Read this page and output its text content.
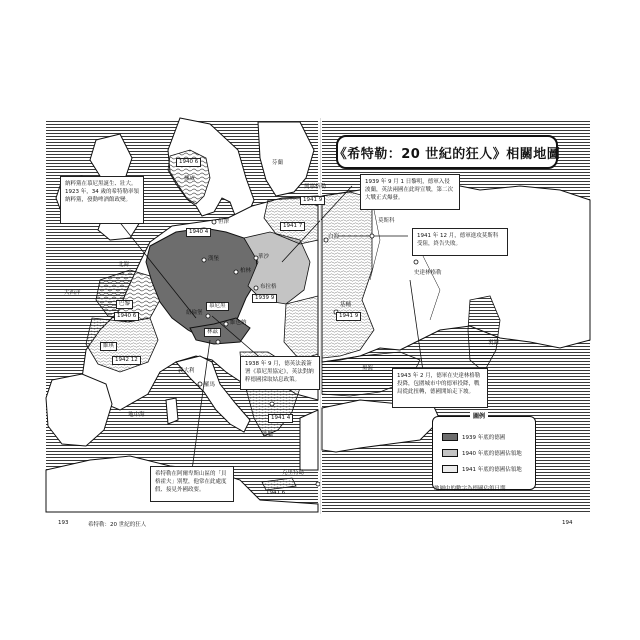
《希特勒：20 世紀的狂人》相關地圖
納粹黨在慕尼黑誕生、壯大。1923 年，34 歲的希特勒率領納粹黨，發動啤酒館政變。
1939 年 9 月 1 日黎明，德軍入侵波蘭，英法兩國在此時宣戰，第二次大戰正式爆發。
1941 年 12 月，德軍進攻莫斯科受阻，終告失敗。
1938 年 9 月，德英法義簽署《慕尼黑協定》，英法對納粹德國採取姑息政策。
1943 年 2 月，德軍在史達林格勒投降，包圍城市中的德軍投降，戰局從此扭轉，德國開始走下坡。
希特勒在阿爾卑斯山區的「貝格霍夫」別墅，他常在此處度假、接見外國政要。
挪威
芬蘭
北海
大西洋
但澤
漢堡
柏林
華沙
布拉格
巴黎
紐倫堡
慕尼黑
維也納
林茲
維琪
義大利
羅馬
地中海
希臘
克里特島
列寧格勒
莫斯科
白海
史達林格勒
基輔
黑海
裏海
1940 6
1940 4
1941 9
1941 7
1939 9
1940 6
1942 12
1941 9
1941 4
1941 6
圖例
1939 年底的德國
1940 年底的德國佔領地
1941 年底的德國佔領地
地圖中的數字為德國佔領日期
193	希特勒：20 世紀的狂人	194
